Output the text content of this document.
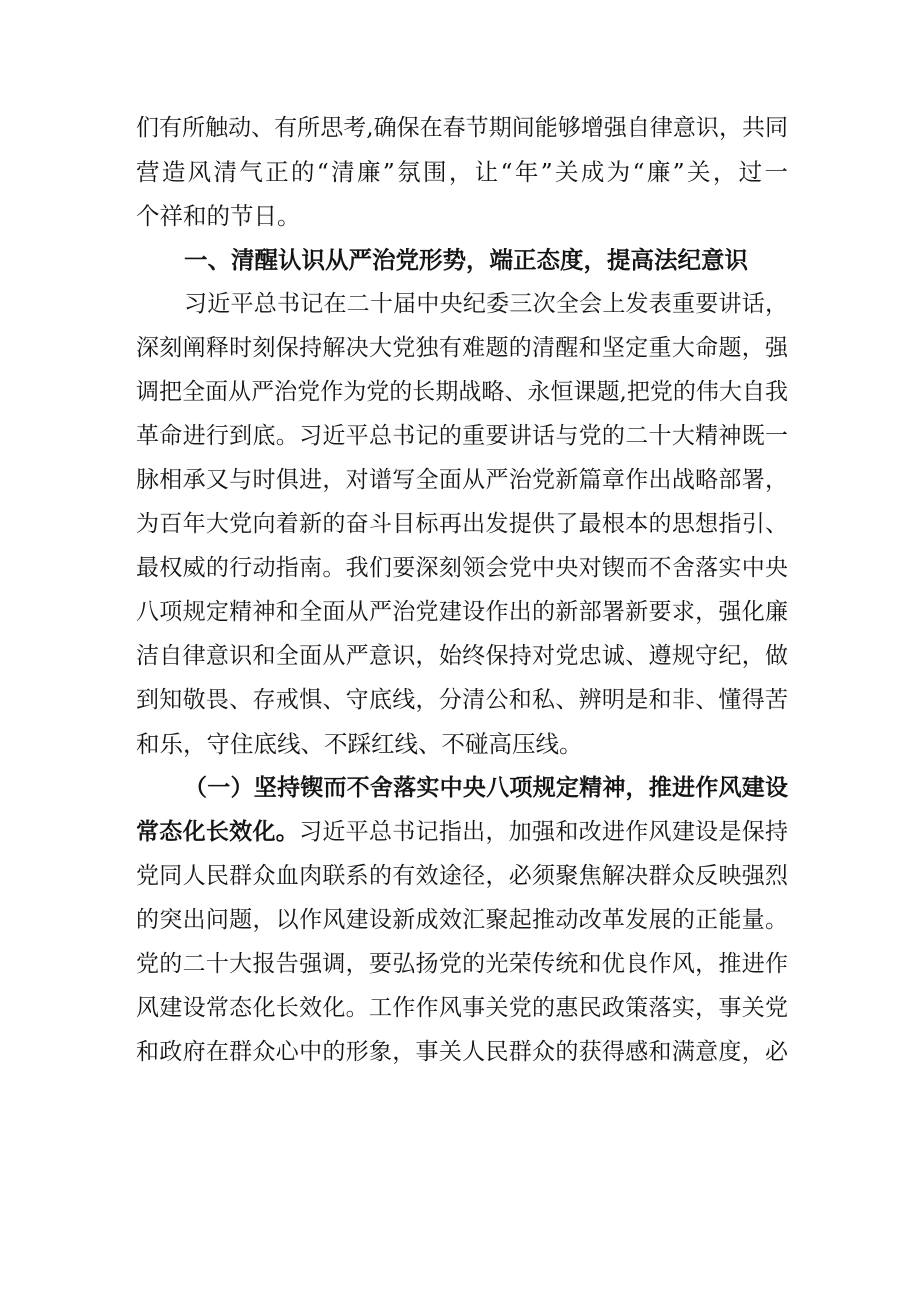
们有所触动、有所思考,确保在春节期间能够增强自律意识，共同
营造风清气正的“清廉”氛围，让“年”关成为“廉”关，过一
个祥和的节日。
一、清醒认识从严治党形势，端正态度，提高法纪意识
习近平总书记在二十届中央纪委三次全会上发表重要讲话，
深刻阐释时刻保持解决大党独有难题的清醒和坚定重大命题，强
调把全面从严治党作为党的长期战略、永恒课题,把党的伟大自我
革命进行到底。习近平总书记的重要讲话与党的二十大精神既一
脉相承又与时俱进，对谱写全面从严治党新篇章作出战略部署，
为百年大党向着新的奋斗目标再出发提供了最根本的思想指引、
最权威的行动指南。我们要深刻领会党中央对锲而不舍落实中央
八项规定精神和全面从严治党建设作出的新部署新要求，强化廉
洁自律意识和全面从严意识，始终保持对党忠诚、遵规守纪，做
到知敬畏、存戒惧、守底线，分清公和私、辨明是和非、懂得苦
和乐，守住底线、不踩红线、不碰高压线。
（一）坚持锲而不舍落实中央八项规定精神，推进作风建设
常态化长效化。习近平总书记指出，加强和改进作风建设是保持
党同人民群众血肉联系的有效途径，必须聚焦解决群众反映强烈
的突出问题，以作风建设新成效汇聚起推动改革发展的正能量。
党的二十大报告强调，要弘扬党的光荣传统和优良作风，推进作
风建设常态化长效化。工作作风事关党的惠民政策落实，事关党
和政府在群众心中的形象，事关人民群众的获得感和满意度，必
